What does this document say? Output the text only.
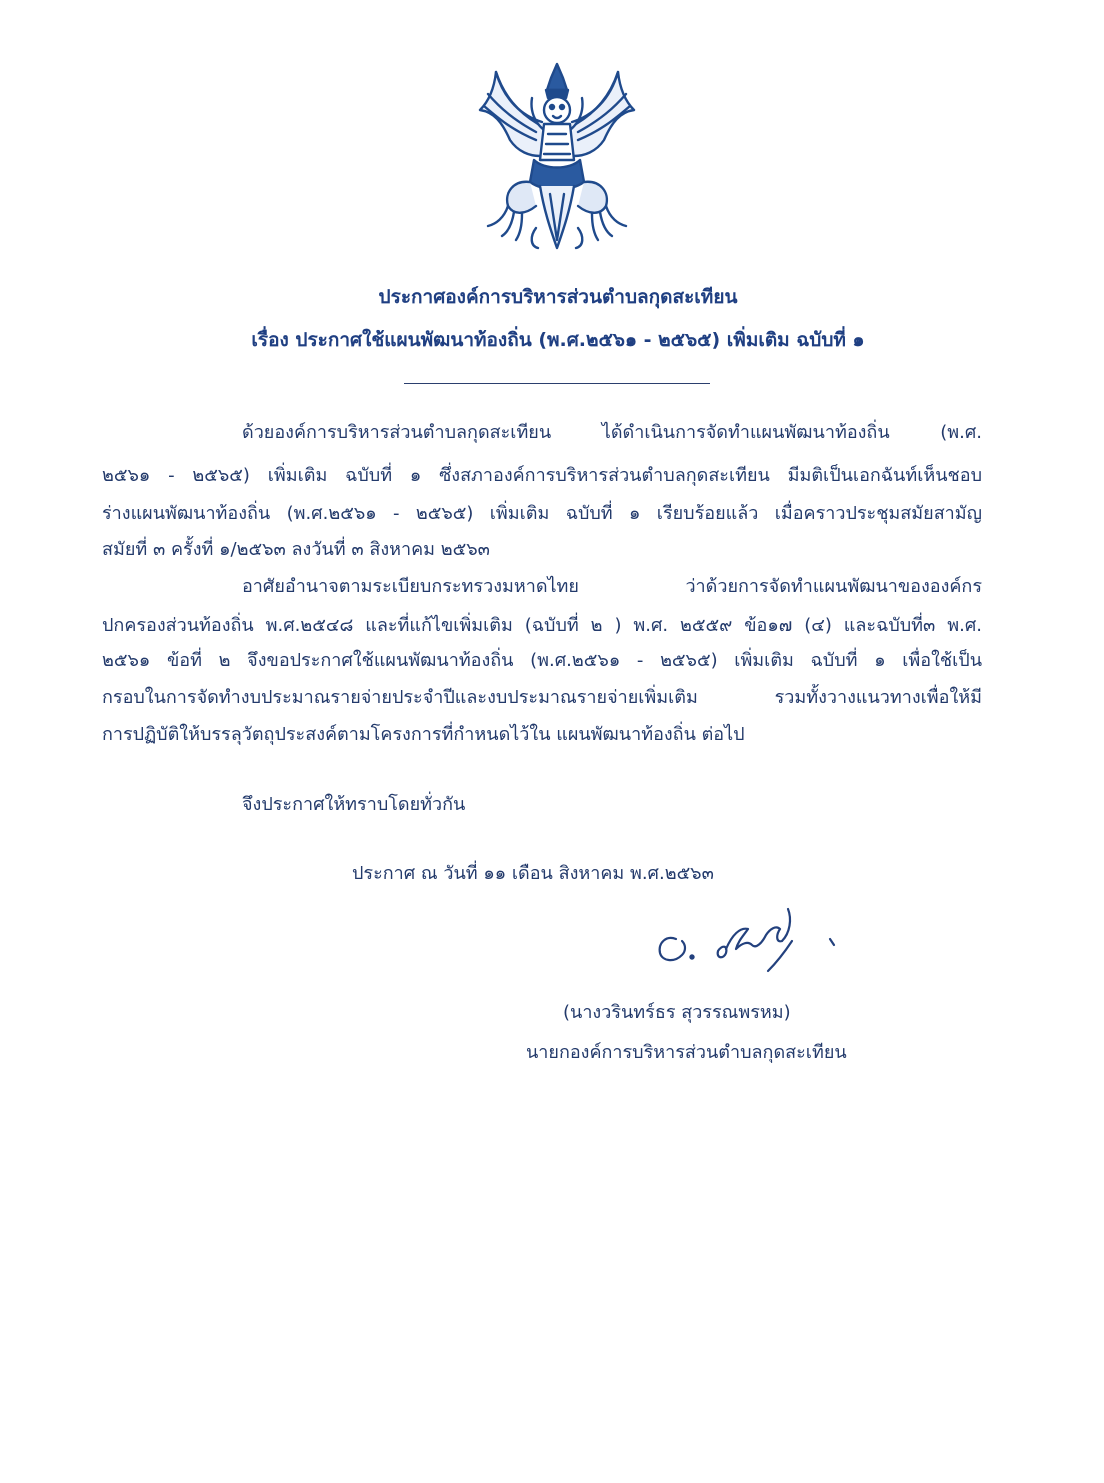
ประกาศองค์การบริหารส่วนตำบลกุดสะเทียน
เรื่อง ประกาศใช้แผนพัฒนาท้องถิ่น (พ.ศ.๒๕๖๑ - ๒๕๖๕) เพิ่มเติม ฉบับที่ ๑
ด้วยองค์การบริหารส่วนตำบลกุดสะเทียน ได้ดำเนินการจัดทำแผนพัฒนาท้องถิ่น (พ.ศ.
๒๕๖๑ - ๒๕๖๕) เพิ่มเติม ฉบับที่ ๑ ซึ่งสภาองค์การบริหารส่วนตำบลกุดสะเทียน มีมติเป็นเอกฉันท์เห็นชอบ
ร่างแผนพัฒนาท้องถิ่น (พ.ศ.๒๕๖๑ - ๒๕๖๕) เพิ่มเติม ฉบับที่ ๑ เรียบร้อยแล้ว เมื่อคราวประชุมสมัยสามัญ
สมัยที่ ๓ ครั้งที่ ๑/๒๕๖๓ ลงวันที่ ๓ สิงหาคม ๒๕๖๓
อาศัยอำนาจตามระเบียบกระทรวงมหาดไทย ว่าด้วยการจัดทำแผนพัฒนาขององค์กร
ปกครองส่วนท้องถิ่น พ.ศ.๒๕๔๘ และที่แก้ไขเพิ่มเติม (ฉบับที่ ๒ ) พ.ศ. ๒๕๕๙ ข้อ๑๗ (๔) และฉบับที่๓ พ.ศ.
๒๕๖๑ ข้อที่ ๒ จึงขอประกาศใช้แผนพัฒนาท้องถิ่น (พ.ศ.๒๕๖๑ - ๒๕๖๕) เพิ่มเติม ฉบับที่ ๑ เพื่อใช้เป็น
กรอบในการจัดทำงบประมาณรายจ่ายประจำปีและงบประมาณรายจ่ายเพิ่มเติม รวมทั้งวางแนวทางเพื่อให้มี
การปฏิบัติให้บรรลุวัตถุประสงค์ตามโครงการที่กำหนดไว้ใน แผนพัฒนาท้องถิ่น ต่อไป
จึงประกาศให้ทราบโดยทั่วกัน
ประกาศ ณ วันที่ ๑๑ เดือน สิงหาคม พ.ศ.๒๕๖๓
(นางวรินทร์ธร สุวรรณพรหม)
นายกองค์การบริหารส่วนตำบลกุดสะเทียน
